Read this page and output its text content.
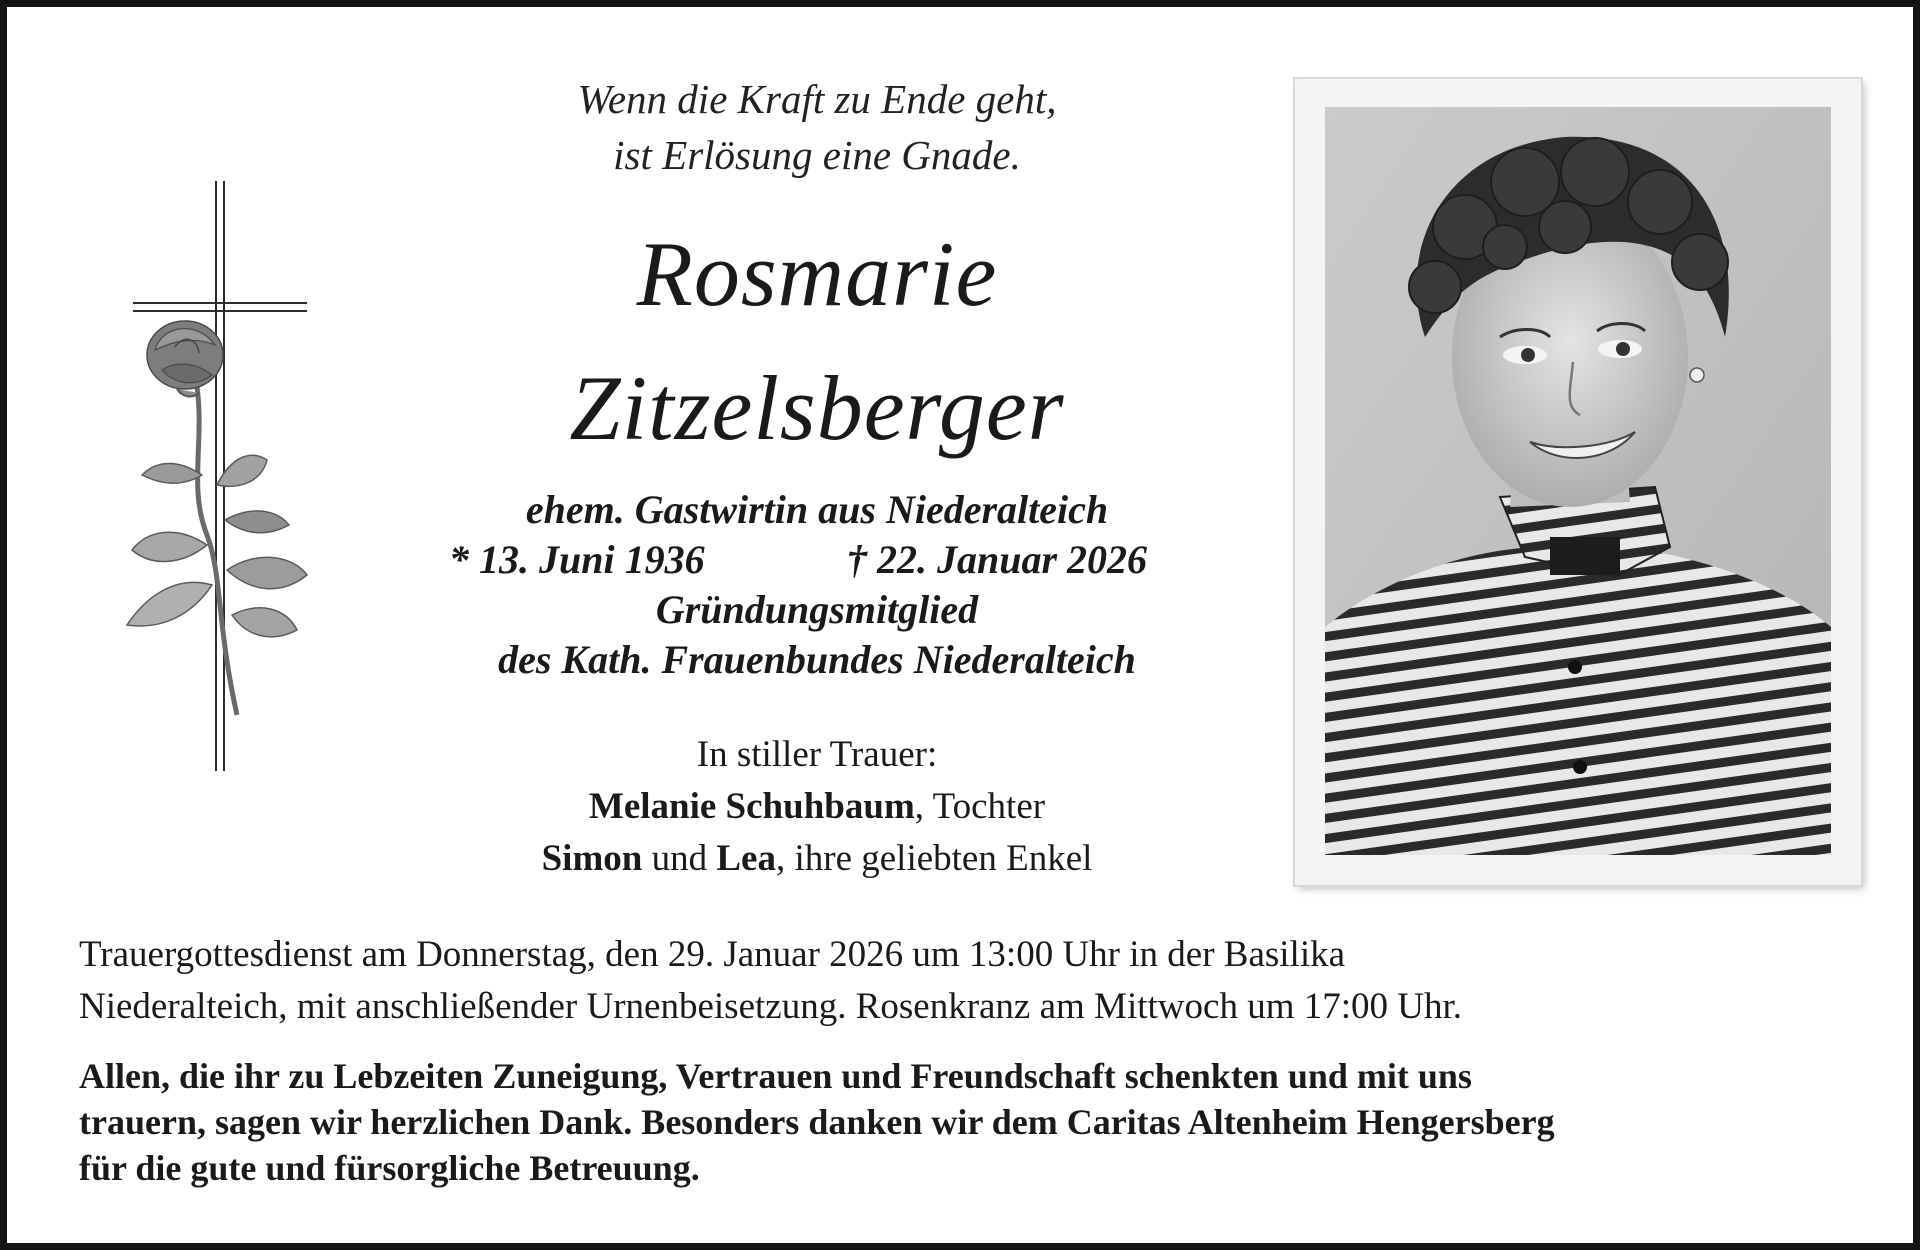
Wenn die Kraft zu Ende geht,
ist Erlösung eine Gnade.
Rosmarie
Zitzelsberger
ehem. Gastwirtin aus Niederalteich
* 13. Juni 1936	† 22. Januar 2026
Gründungsmitglied
des Kath. Frauenbundes Niederalteich
In stiller Trauer:
Melanie Schuhbaum, Tochter
Simon und Lea, ihre geliebten Enkel
Trauergottesdienst am Donnerstag, den 29. Januar 2026 um 13:00 Uhr in der Basilika
Niederalteich, mit anschließender Urnenbeisetzung. Rosenkranz am Mittwoch um 17:00 Uhr.
Allen, die ihr zu Lebzeiten Zuneigung, Vertrauen und Freundschaft schenkten und mit uns
trauern, sagen wir herzlichen Dank. Besonders danken wir dem Caritas Altenheim Hengersberg
für die gute und fürsorgliche Betreuung.
